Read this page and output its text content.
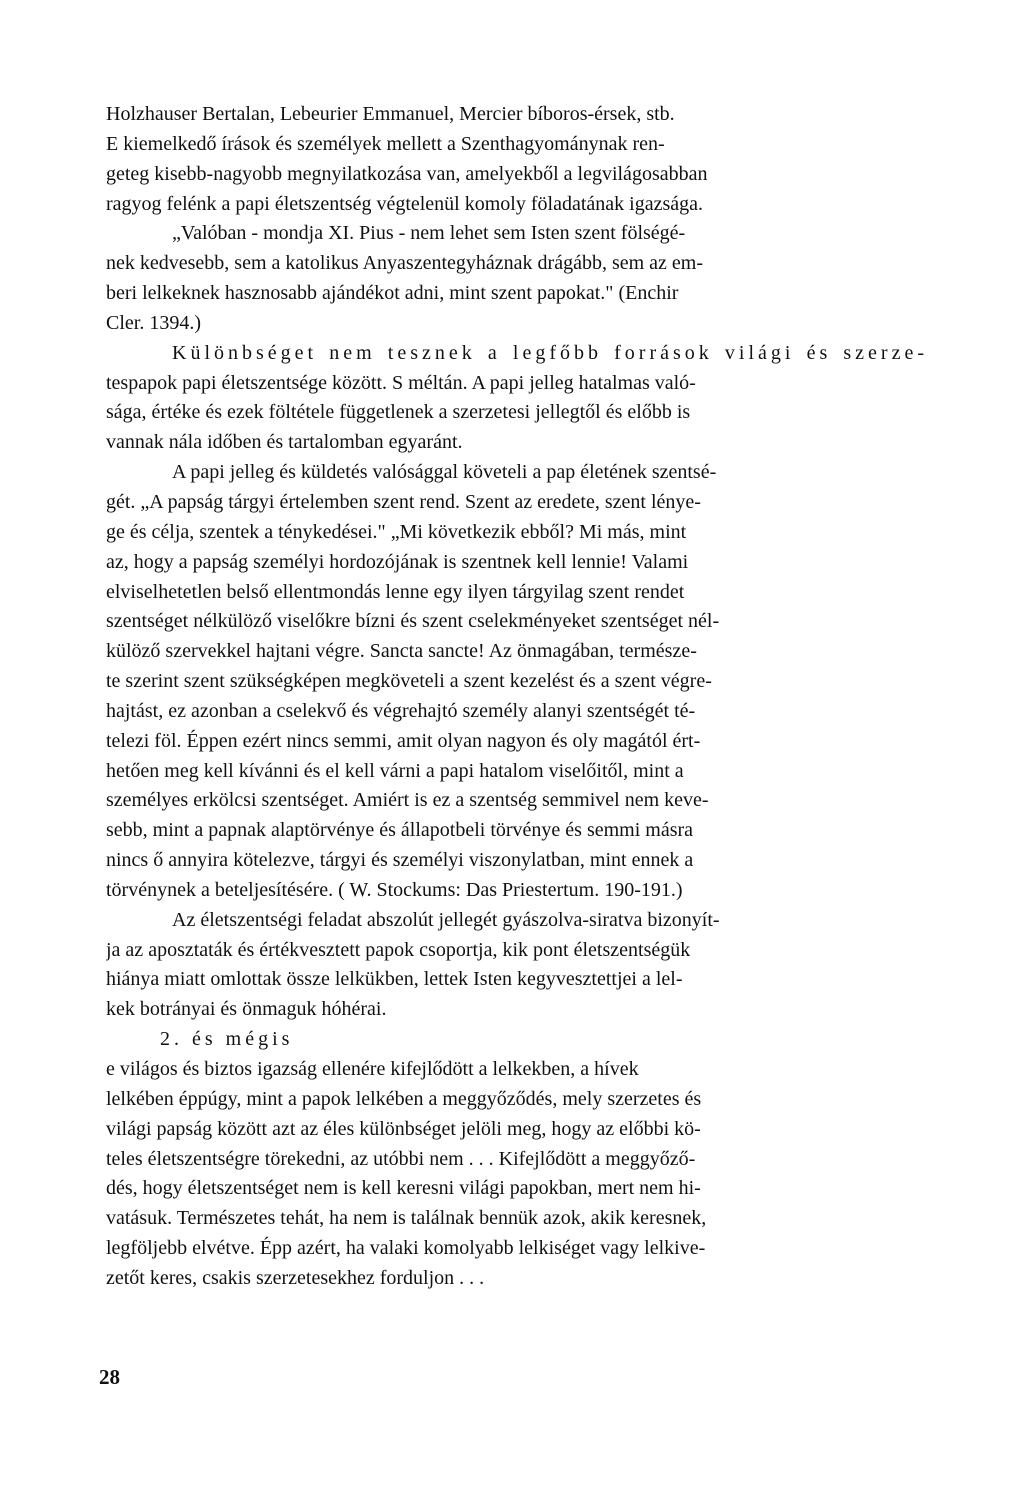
Holzhauser Bertalan, Lebeurier Emmanuel, Mercier bíboros-érsek, stb.
E kiemelkedő írások és személyek mellett a Szenthagyománynak ren-
geteg kisebb-nagyobb megnyilatkozása van, amelyekből a legvilágosabban
ragyog felénk a papi életszentség végtelenül komoly föladatának igazsága.
„Valóban - mondja XI. Pius - nem lehet sem Isten szent fölségé-
nek kedvesebb, sem a katolikus Anyaszentegyháznak drágább, sem az em-
beri lelkeknek hasznosabb ajándékot adni, mint szent papokat." (Enchir
Cler. 1394.)
Különbséget nem tesznek a legfőbb források világi és szerze-
tespapok papi életszentsége között. S méltán. A papi jelleg hatalmas való-
sága, értéke és ezek föltétele függetlenek a szerzetesi jellegtől és előbb is
vannak nála időben és tartalomban egyaránt.
A papi jelleg és küldetés valósággal követeli a pap életének szentsé-
gét. „A papság tárgyi értelemben szent rend. Szent az eredete, szent lénye-
ge és célja, szentek a ténykedései." „Mi következik ebből? Mi más, mint
az, hogy a papság személyi hordozójának is szentnek kell lennie! Valami
elviselhetetlen belső ellentmondás lenne egy ilyen tárgyilag szent rendet
szentséget nélkülöző viselőkre bízni és szent cselekményeket szentséget nél-
külöző szervekkel hajtani végre. Sancta sancte! Az önmagában, természe-
te szerint szent szükségképen megköveteli a szent kezelést és a szent végre-
hajtást, ez azonban a cselekvő és végrehajtó személy alanyi szentségét té-
telezi föl. Éppen ezért nincs semmi, amit olyan nagyon és oly magától ért-
hetően meg kell kívánni és el kell várni a papi hatalom viselőitől, mint a
személyes erkölcsi szentséget. Amiért is ez a szentség semmivel nem keve-
sebb, mint a papnak alaptörvénye és állapotbeli törvénye és semmi másra
nincs ő annyira kötelezve, tárgyi és személyi viszonylatban, mint ennek a
törvénynek a beteljesítésére. ( W. Stockums: Das Priestertum. 190-191.)
Az életszentségi feladat abszolút jellegét gyászolva-siratva bizonyít-
ja az aposztaták és értékvesztett papok csoportja, kik pont életszentségük
hiánya miatt omlottak össze lelkükben, lettek Isten kegyvesztettjei a lel-
kek botrányai és önmaguk hóhérai.
2. és mégis
e világos és biztos igazság ellenére kifejlődött a lelkekben, a hívek
lelkében éppúgy, mint a papok lelkében a meggyőződés, mely szerzetes és
világi papság között azt az éles különbséget jelöli meg, hogy az előbbi kö-
teles életszentségre törekedni, az utóbbi nem . . . Kifejlődött a meggyőző-
dés, hogy életszentséget nem is kell keresni világi papokban, mert nem hi-
vatásuk. Természetes tehát, ha nem is találnak bennük azok, akik keresnek,
legföljebb elvétve. Épp azért, ha valaki komolyabb lelkiséget vagy lelkive-
zetőt keres, csakis szerzetesekhez forduljon . . .
28
